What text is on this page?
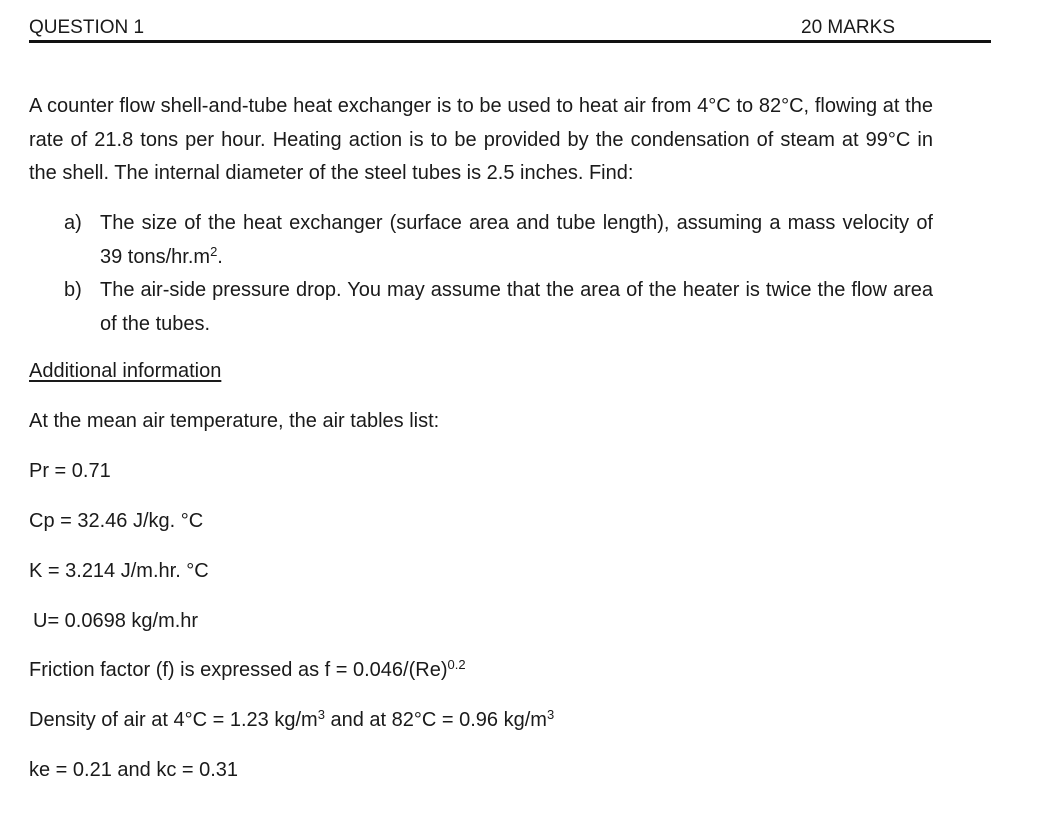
QUESTION 1	20 MARKS

A counter flow shell-and-tube heat exchanger is to be used to heat air from 4°C to 82°C, flowing at the rate of 21.8 tons per hour. Heating action is to be provided by the condensation of steam at 99°C in the shell. The internal diameter of the steel tubes is 2.5 inches. Find:

a) The size of the heat exchanger (surface area and tube length), assuming a mass velocity of 39 tons/$hr.m^2$.
b) The air-side pressure drop. You may assume that the area of the heater is twice the flow area of the tubes.
Additional information
At the mean air temperature, the air tables list:
Pr = 0.71
Cp = 32.46 J/kg. °C
K = 3.214 J/m.hr. °C
U= 0.0698 kg/m.hr
Friction factor (f) is expressed as $f = 0.046/(Re)^{0.2}$
Density of air at 4°C = 1.23 $kg/m^3$ and at 82°C = 0.96 $kg/m^3$
ke = 0.21 and kc = 0.31
